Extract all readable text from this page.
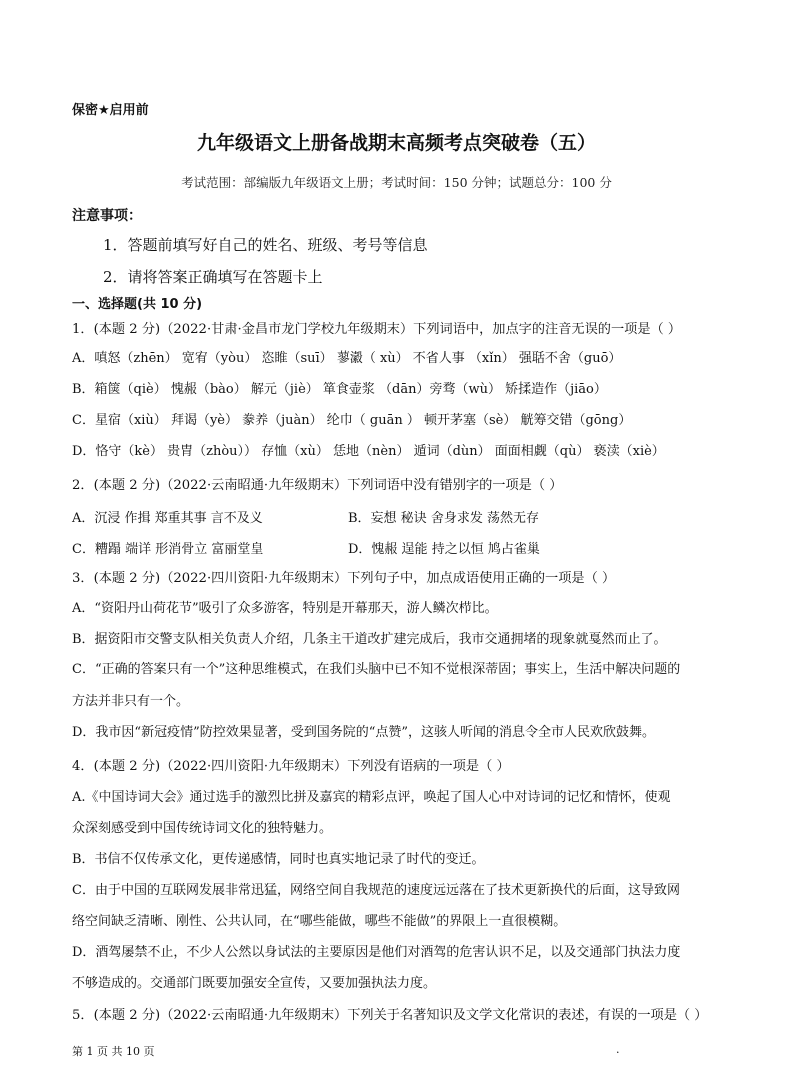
保密★启用前
九年级语文上册备战期末高频考点突破卷（五）
考试范围：部编版九年级语文上册；考试时间：150 分钟；试题总分：100 分
注意事项：
1．答题前填写好自己的姓名、班级、考号等信息
2．请将答案正确填写在答题卡上
一、选择题(共 10 分)
1．(本题 2 分)（2022·甘肃·金昌市龙门学校九年级期末）下列词语中，加点字的注音无误的一项是（ ）
A．嗔怒（zhēn） 宽宥（yòu） 恣睢（suī） 蓼瀫（ xù） 不省人事 （xǐn） 强聒不舍（guō）
B．箱箧（qiè） 愧赧（bào） 解元（jiè） 箪食壶浆 （dān）旁骛（wù） 矫揉造作（jiāo）
C．星宿（xiù） 拜谒（yè） 豢养（juàn） 纶巾（ guān ） 顿开茅塞（sè） 觥筹交错（gōng）
D．恪守（kè） 贵胄（zhòu）） 存恤（xù） 恁地（nèn） 遁词（dùn） 面面相觑（qù） 亵渎（xiè）
2．(本题 2 分)（2022·云南昭通·九年级期末）下列词语中没有错别字的一项是（ ）
A．沉浸 作揖 郑重其事 言不及义	B．妄想 秘诀 舍身求发 荡然无存
C．糟蹋 端详 形消骨立 富丽堂皇	D．愧赧 逞能 持之以恒 鸠占雀巢
3．(本题 2 分)（2022·四川资阳·九年级期末）下列句子中，加点成语使用正确的一项是（ ）
A．“资阳丹山荷花节”吸引了众多游客，特别是开幕那天，游人鳞次栉比。
B．据资阳市交警支队相关负责人介绍，几条主干道改扩建完成后，我市交通拥堵的现象就戛然而止了。
C．“正确的答案只有一个”这种思维模式，在我们头脑中已不知不觉根深蒂固；事实上，生活中解决问题的
方法并非只有一个。
D．我市因“新冠疫情”防控效果显著，受到国务院的“点赞”，这骇人听闻的消息令全市人民欢欣鼓舞。
4．(本题 2 分)（2022·四川资阳·九年级期末）下列没有语病的一项是（ ）
A.《中国诗词大会》通过选手的激烈比拼及嘉宾的精彩点评，唤起了国人心中对诗词的记忆和情怀，使观
众深刻感受到中国传统诗词文化的独特魅力。
B．书信不仅传承文化，更传递感情，同时也真实地记录了时代的变迁。
C．由于中国的互联网发展非常迅猛，网络空间自我规范的速度远远落在了技术更新换代的后面，这导致网
络空间缺乏清晰、刚性、公共认同，在“哪些能做，哪些不能做”的界限上一直很模糊。
D．酒驾屡禁不止，不少人公然以身试法的主要原因是他们对酒驾的危害认识不足，以及交通部门执法力度
不够造成的。交通部门既要加强安全宣传，又要加强执法力度。
5．(本题 2 分)（2022·云南昭通·九年级期末）下列关于名著知识及文学文化常识的表述，有误的一项是（ ）
第 1 页 共 10 页	.
